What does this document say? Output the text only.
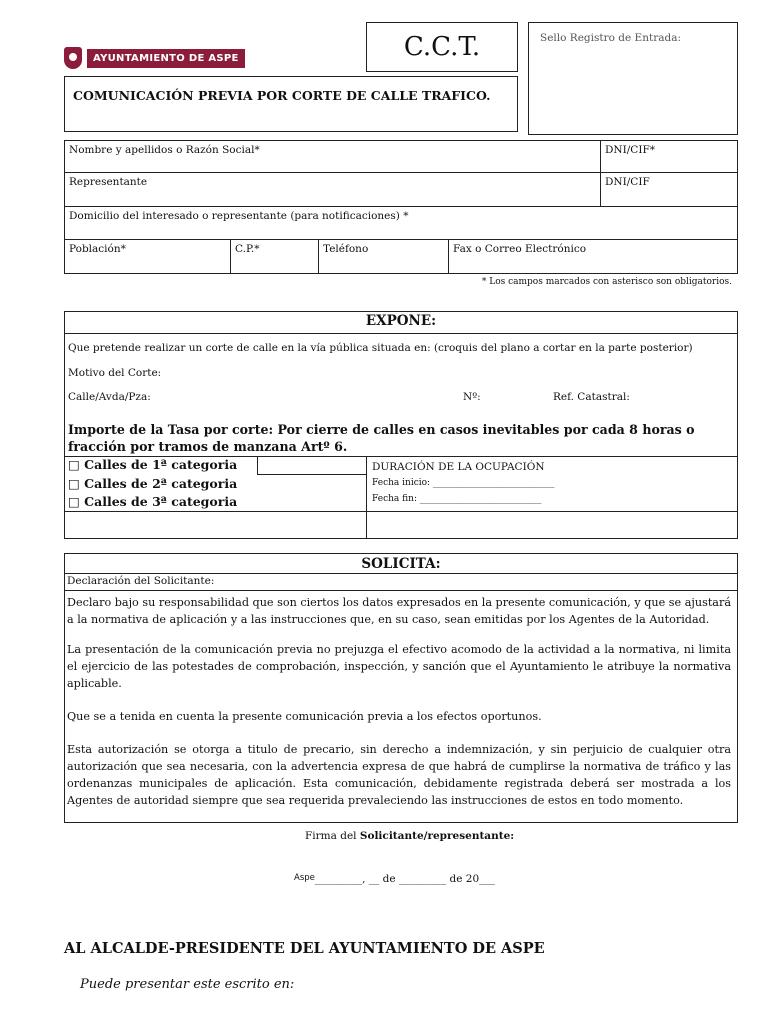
AYUNTAMIENTO DE ASPE	C.C.T.	Sello Registro de Entrada:
COMUNICACIÓN PREVIA POR CORTE DE CALLE TRAFICO.
Nombre y apellidos o Razón Social*	DNI/CIF*
Representante	DNI/CIF
Domicilio del interesado o representante (para notificaciones) *
Población*	C.P.*	Teléfono	Fax o Correo Electrónico
* Los campos marcados con asterisco son obligatorios.
EXPONE:
Que pretende realizar un corte de calle en la vía pública situada en: (croquis del plano a cortar en la parte posterior)
Motivo del Corte:
Calle/Avda/Pza:	Nº:	Ref. Catastral:
Importe de la Tasa por corte: Por cierre de calles en casos inevitables por cada 8 horas o fracción por tramos de manzana Artº 6.
□ Calles de 1ª categoria
□ Calles de 2ª categoria
□ Calles de 3ª categoria
DURACIÓN DE LA OCUPACIÓN
Fecha inicio: ___________________________
Fecha fin: ___________________________
SOLICITA:
Declaración del Solicitante:
Declaro bajo su responsabilidad que son ciertos los datos expresados en la presente comunicación, y que se ajustará a la normativa de aplicación y a las instrucciones que, en su caso, sean emitidas por los Agentes de la Autoridad.
La presentación de la comunicación previa no prejuzga el efectivo acomodo de la actividad a la normativa, ni limita el ejercicio de las potestades de comprobación, inspección, y sanción que el Ayuntamiento le atribuye la normativa aplicable.
Que se a tenida en cuenta la presente comunicación previa a los efectos oportunos.
Esta autorización se otorga a titulo de precario, sin derecho a indemnización, y sin perjuicio de cualquier otra autorización que sea necesaria, con la advertencia expresa de que habrá de cumplirse la normativa de tráfico y las ordenanzas municipales de aplicación. Esta comunicación, debidamente registrada deberá ser mostrada a los Agentes de autoridad siempre que sea requerida prevaleciendo las instrucciones de estos en todo momento.
Firma del Solicitante/representante:
$^{Aspe}$_________, __ de _________ de 20___
AL ALCALDE-PRESIDENTE DEL AYUNTAMIENTO DE ASPE
Puede presentar este escrito en:
